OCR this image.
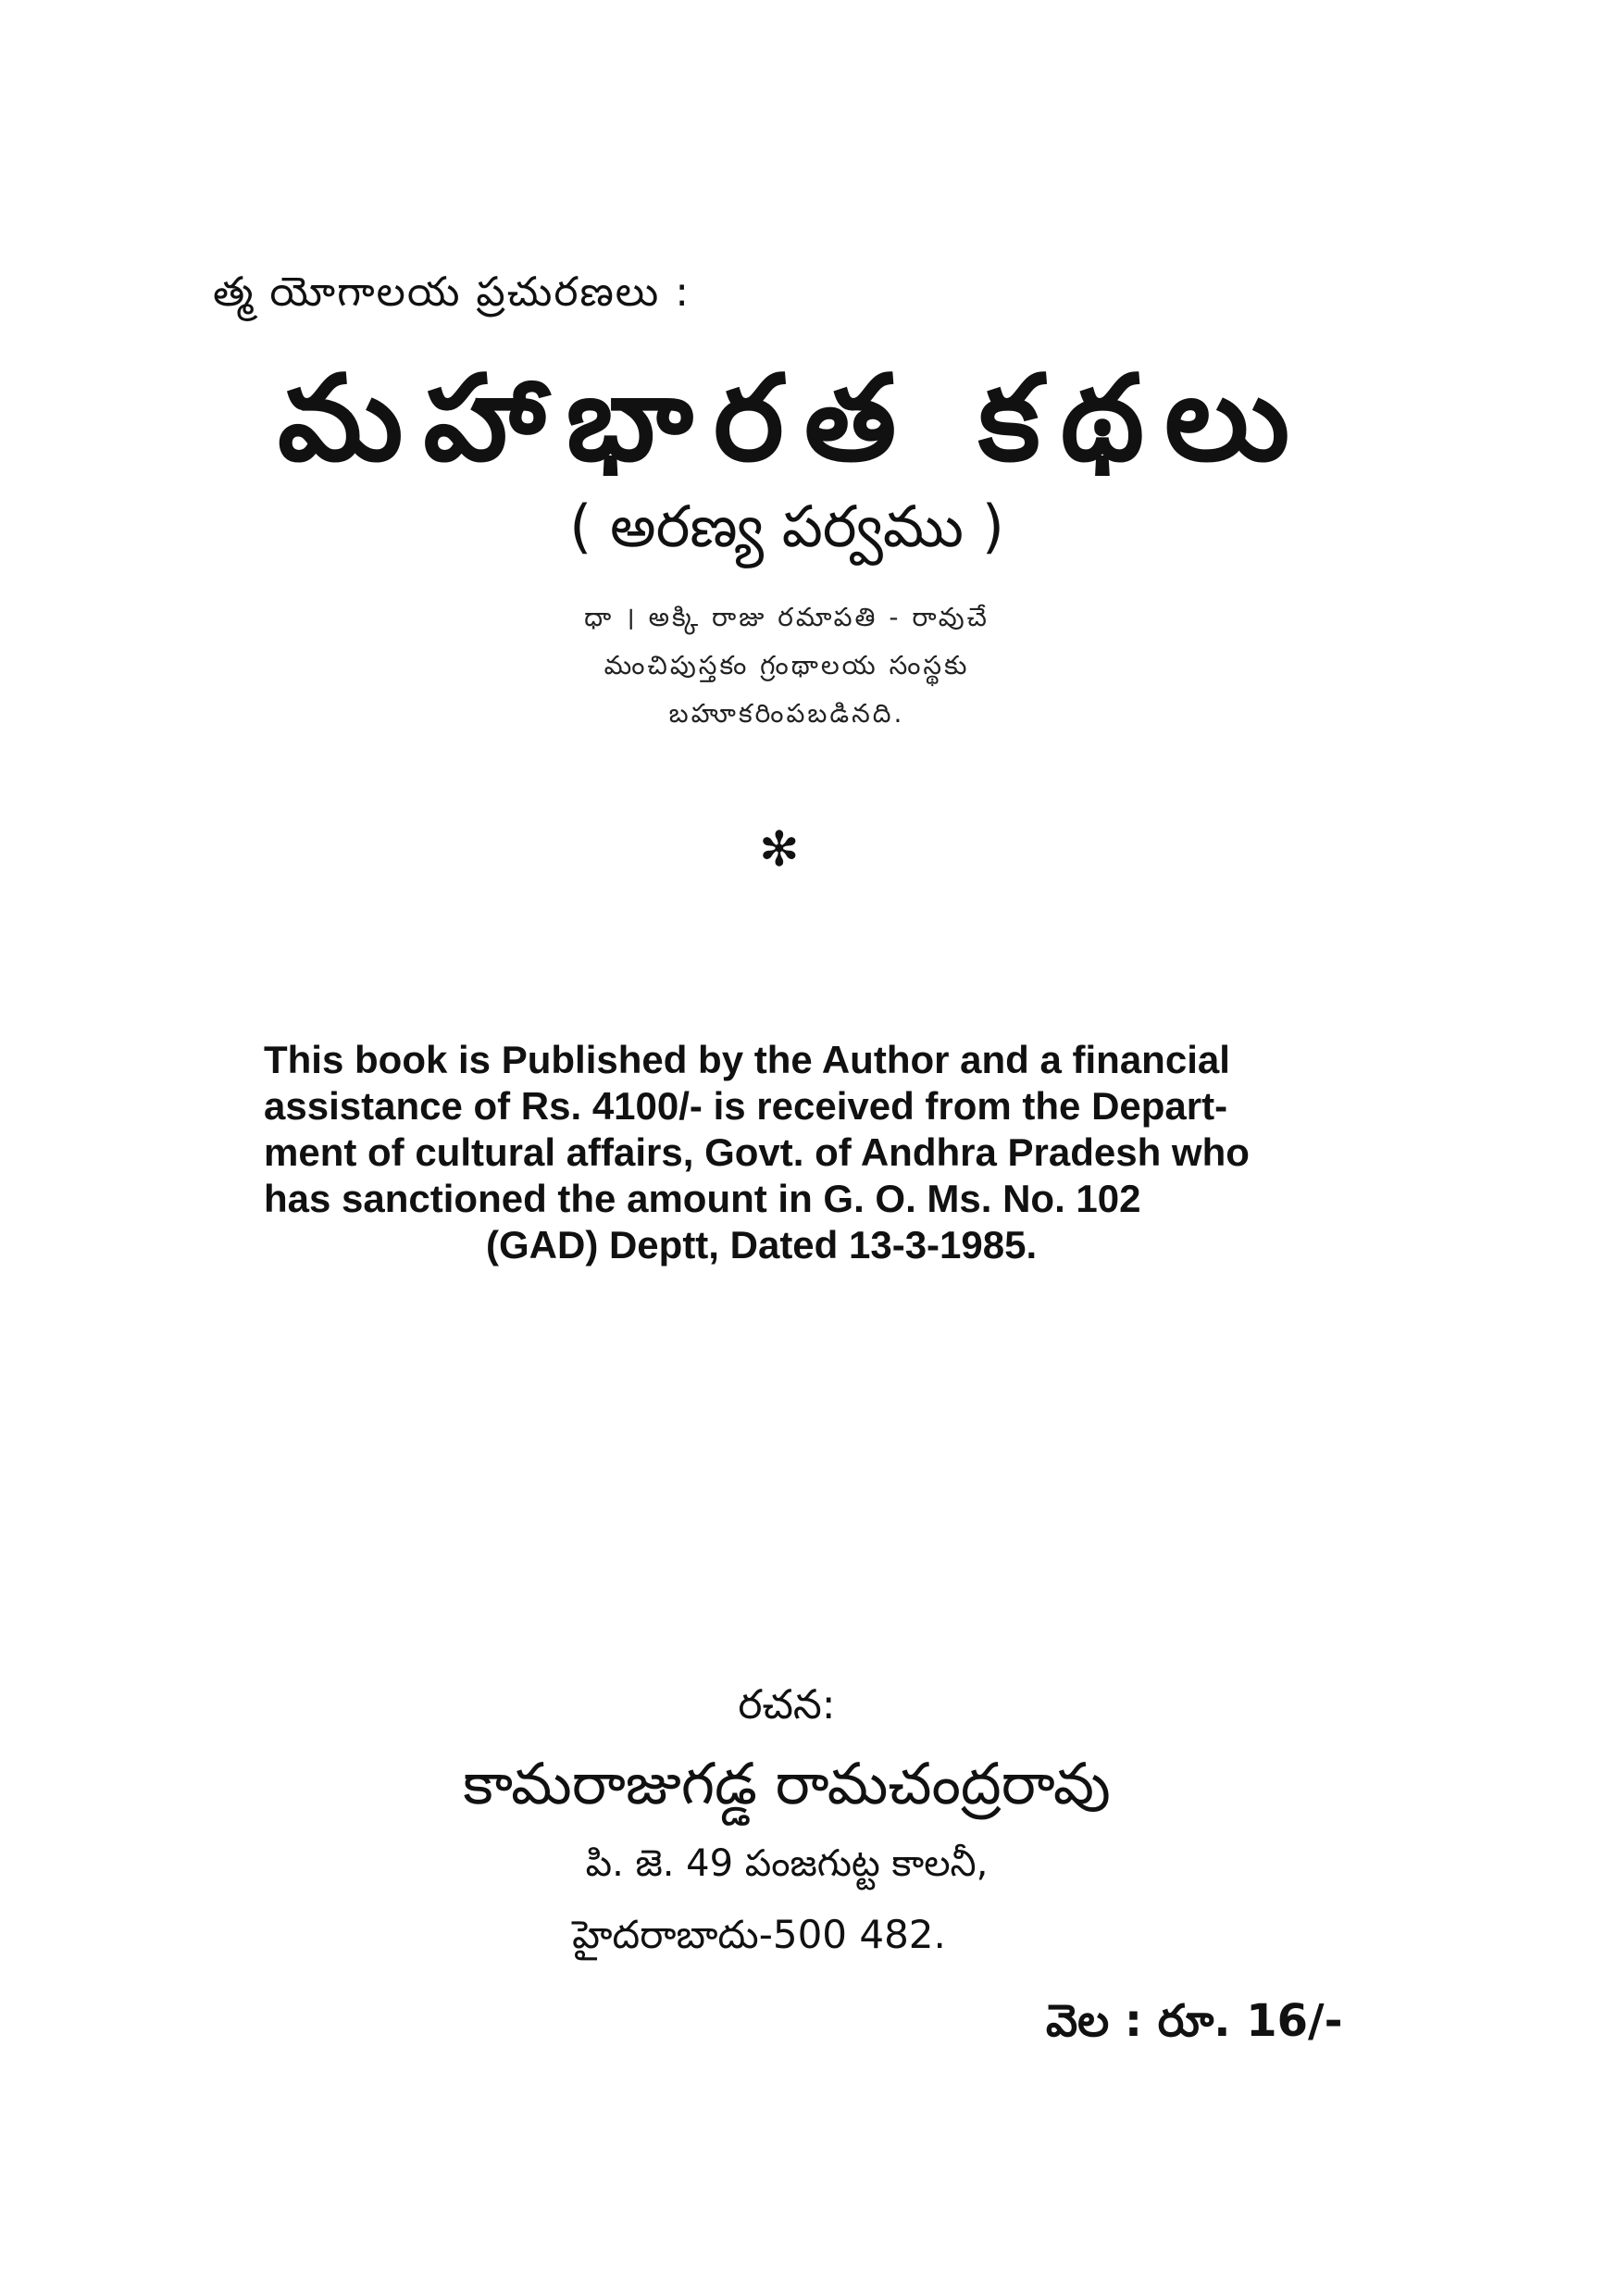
త్మ యోగాలయ ప్రచురణలు :
మహాభారత కథలు
( అరణ్య పర్వము )
ధా । అక్కి రాజు రమాపతి - రావుచే
మంచిపుస్తకం గ్రంథాలయ సంస్థకు
బహూకరింపబడినది.
✻
This book is Published by the Author and a financial
assistance of Rs. 4100/- is received from the Depart-
ment of cultural affairs, Govt. of Andhra Pradesh who
has sanctioned the amount in G. O. Ms. No. 102
(GAD) Deptt, Dated 13-3-1985.
రచన:
కామరాజుగడ్డ రామచంద్రరావు
పి. జె. 49 పంజగుట్ట కాలనీ,
హైదరాబాదు-500 482.
వెల : రూ. 16/-
